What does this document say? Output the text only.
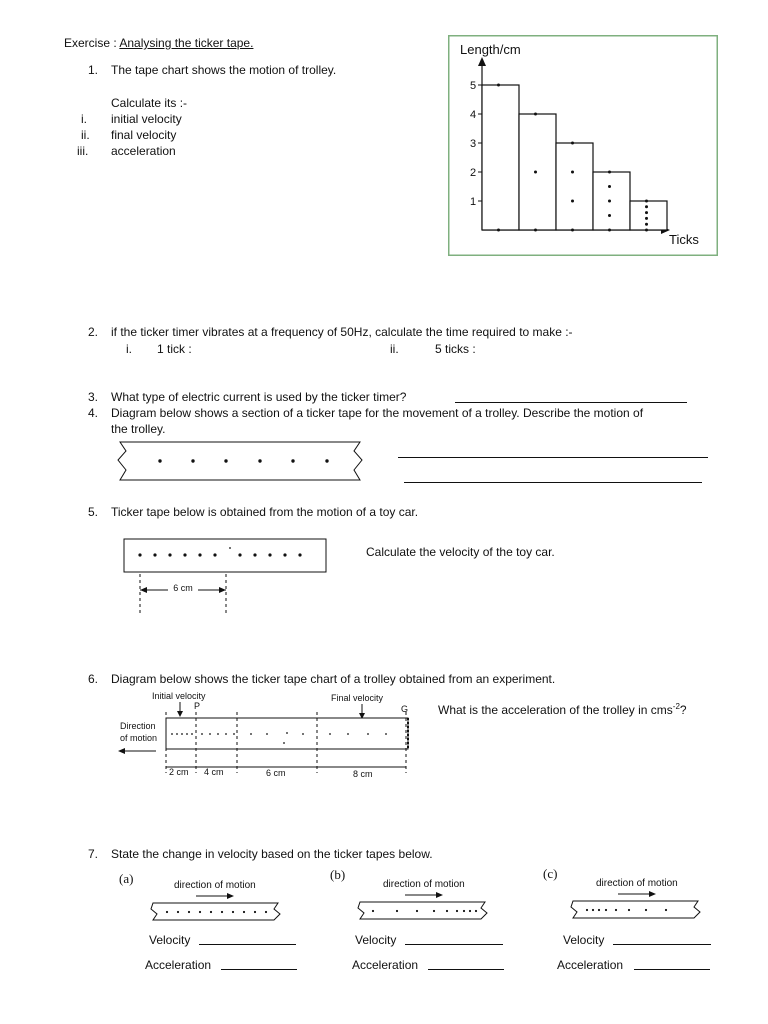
Exercise : Analysing the ticker tape.
1. The tape chart shows the motion of trolley.
Calculate its :-
i. initial velocity
ii. final velocity
iii. acceleration
Length/cm
Ticks
1
2
3
4
5
2. if the ticker timer vibrates at a frequency of 50Hz, calculate the time required to make :-
i. 1 tick :	ii.	5 ticks :
3. What type of electric current is used by the ticker timer?
4. Diagram below shows a section of a ticker tape for the movement of a trolley. Describe the motion of
the trolley.
5. Ticker tape below is obtained from the motion of a toy car.
Calculate the velocity of the toy car.
6 cm
6. Diagram below shows the ticker tape chart of a trolley obtained from an experiment.
What is the acceleration of the trolley in cms$^{-2}$?
Initial velocity	Final velocity
P	G
Direction
of motion
2 cm 4 cm	6 cm	8 cm
7. State the change in velocity based on the ticker tapes below.
(a)	direction of motion
Velocity
Acceleration
(b)
direction of motion
Velocity
Acceleration
(c)
direction of motion
Velocity
Acceleration
